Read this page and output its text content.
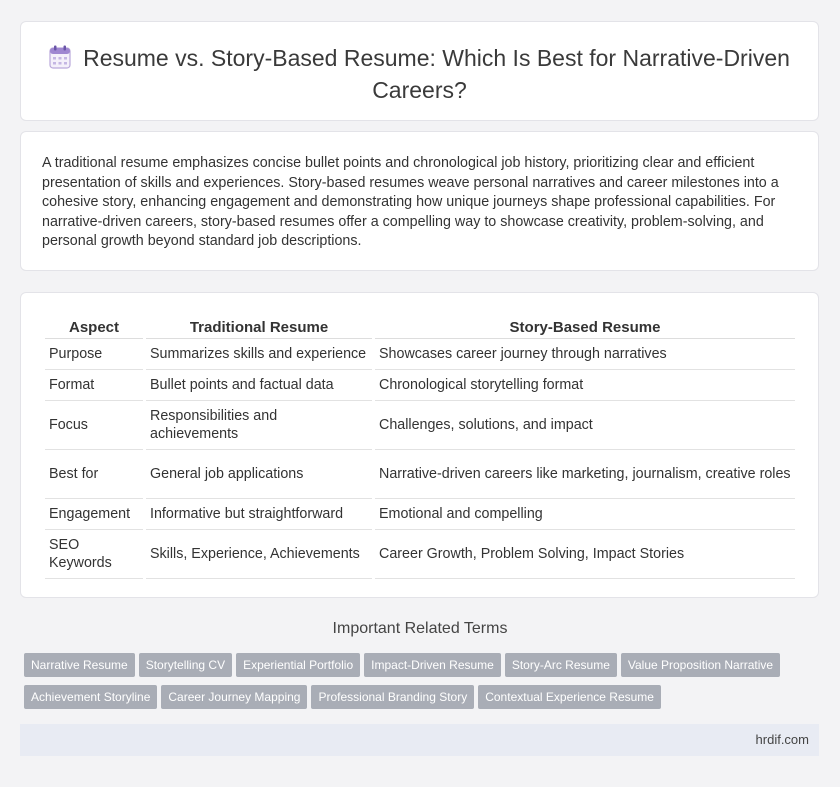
Resume vs. Story-Based Resume: Which Is Best for Narrative-Driven Careers?

A traditional resume emphasizes concise bullet points and chronological job history, prioritizing clear and efficient presentation of skills and experiences. Story-based resumes weave personal narratives and career milestones into a cohesive story, enhancing engagement and demonstrating how unique journeys shape professional capabilities. For narrative-driven careers, story-based resumes offer a compelling way to showcase creativity, problem-solving, and personal growth beyond standard job descriptions.

Aspect	Traditional Resume	Story-Based Resume
Purpose	Summarizes skills and experience	Showcases career journey through narratives
Format	Bullet points and factual data	Chronological storytelling format
Focus	Responsibilities and achievements	Challenges, solutions, and impact
Best for	General job applications	Narrative-driven careers like marketing, journalism, creative roles
Engagement	Informative but straightforward	Emotional and compelling
SEO Keywords	Skills, Experience, Achievements	Career Growth, Problem Solving, Impact Stories
Important Related Terms
Narrative Resume Storytelling CV Experiential Portfolio Impact-Driven Resume Story-Arc Resume Value Proposition NarrativeAchievement Storyline Career Journey Mapping Professional Branding Story Contextual Experience Resume
hrdif.com
